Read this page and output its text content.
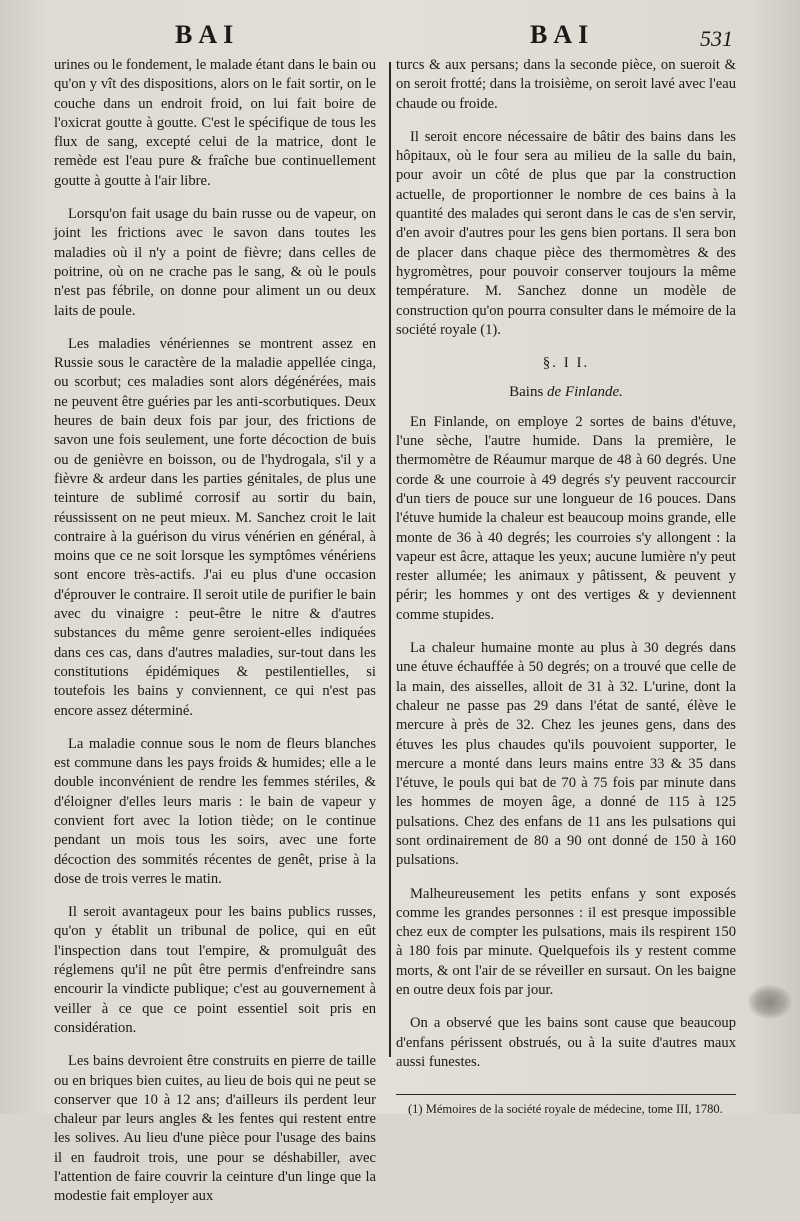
BAI	BAI	531

urines ou le fondement, le malade étant dans le bain ou qu'on y vît des dispositions, alors on le fait sortir, on le couche dans un endroit froid, on lui fait boire de l'oxicrat goutte à goutte. C'est le spécifique de tous les flux de sang, excepté celui de la matrice, dont le remède est l'eau pure & fraîche bue continuellement goutte à goutte à l'air libre.

Lorsqu'on fait usage du bain russe ou de vapeur, on joint les frictions avec le savon dans toutes les maladies où il n'y a point de fièvre; dans celles de poitrine, où on ne crache pas le sang, & où le pouls n'est pas fébrile, on donne pour aliment un ou deux laits de poule.

Les maladies vénériennes se montrent assez en Russie sous le caractère de la maladie appellée cinga, ou scorbut; ces maladies sont alors dégénérées, mais ne peuvent être guéries par les anti-scorbutiques. Deux heures de bain deux fois par jour, des frictions de savon une fois seulement, une forte décoction de buis ou de genièvre en boisson, ou de l'hydrogala, s'il y a fièvre & ardeur dans les parties génitales, de plus une teinture de sublimé corrosif au sortir du bain, réussissent on ne peut mieux. M. Sanchez croit le lait contraire à la guérison du virus vénérien en général, à moins que ce ne soit lorsque les symptômes vénériens sont encore très-actifs. J'ai eu plus d'une occasion d'éprouver le contraire. Il seroit utile de purifier le bain avec du vinaigre : peut-être le nitre & d'autres substances du même genre seroient-elles indiquées dans ces cas, dans d'autres maladies, sur-tout dans les constitutions épidémiques & pestilentielles, si toutefois les bains y conviennent, ce qui n'est pas encore assez déterminé.

La maladie connue sous le nom de fleurs blanches est commune dans les pays froids & humides; elle a le double inconvénient de rendre les femmes stériles, & d'éloigner d'elles leurs maris : le bain de vapeur y convient fort avec la lotion tiède; on le continue pendant un mois tous les soirs, avec une forte décoction des sommités récentes de genêt, prise à la dose de trois verres le matin.

Il seroit avantageux pour les bains publics russes, qu'on y établit un tribunal de police, qui en eût l'inspection dans tout l'empire, & promulguât des réglemens qu'il ne pût être permis d'enfreindre sans encourir la vindicte publique; c'est au gouvernement à veiller à ce que ce point essentiel soit pris en considération.

Les bains devroient être construits en pierre de taille ou en briques bien cuites, au lieu de bois qui ne peut se conserver que 10 à 12 ans; d'ailleurs ils perdent leur chaleur par leurs angles & les fentes qui restent entre les solives. Au lieu d'une pièce pour l'usage des bains il en faudroit trois, une pour se déshabiller, avec l'attention de faire couvrir la ceinture d'un linge que la modestie fait employer aux

turcs & aux persans; dans la seconde pièce, on sueroit & on seroit frotté; dans la troisième, on seroit lavé avec l'eau chaude ou froide.

Il seroit encore nécessaire de bâtir des bains dans les hôpitaux, où le four sera au milieu de la salle du bain, pour avoir un côté de plus que par la construction actuelle, de proportionner le nombre de ces bains à la quantité des malades qui seront dans le cas de s'en servir, d'en avoir d'autres pour les gens bien portans. Il sera bon de placer dans chaque pièce des thermomètres & des hygromètres, pour pouvoir conserver toujours la même température. M. Sanchez donne un modèle de construction qu'on pourra consulter dans le mémoire de la société royale (1).

§. I I.
Bains de Finlande.

En Finlande, on employe 2 sortes de bains d'étuve, l'une sèche, l'autre humide. Dans la première, le thermomètre de Réaumur marque de 48 à 60 degrés. Une corde & une courroie à 49 degrés s'y peuvent raccourcir d'un tiers de pouce sur une longueur de 16 pouces. Dans l'étuve humide la chaleur est beaucoup moins grande, elle monte de 36 à 40 degrés; les courroies s'y allongent : la vapeur est âcre, attaque les yeux; aucune lumière n'y peut rester allumée; les animaux y pâtissent, & peuvent y périr; les hommes y ont des vertiges & y deviennent comme stupides.

La chaleur humaine monte au plus à 30 degrés dans une étuve échauffée à 50 degrés; on a trouvé que celle de la main, des aisselles, alloit de 31 à 32. L'urine, dont la chaleur ne passe pas 29 dans l'état de santé, élève le mercure à près de 32. Chez les jeunes gens, dans des étuves les plus chaudes qu'ils pouvoient supporter, le mercure a monté dans leurs mains entre 33 & 35 dans l'étuve, le pouls qui bat de 70 à 75 fois par minute dans les hommes de moyen âge, a donné de 115 à 125 pulsations. Chez des enfans de 11 ans les pulsations qui sont ordinairement de 80 a 90 ont donné de 150 à 160 pulsations.

Malheureusement les petits enfans y sont exposés comme les grandes personnes : il est presque impossible chez eux de compter les pulsations, mais ils respirent 150 à 180 fois par minute. Quelquefois ils y restent comme morts, & ont l'air de se réveiller en sursaut. On les baigne en outre deux fois par jour.

On a observé que les bains sont cause que beaucoup d'enfans périssent obstrués, ou à la suite d'autres maux aussi funestes.

(1) Mémoires de la société royale de médecine, tome III, 1780.
